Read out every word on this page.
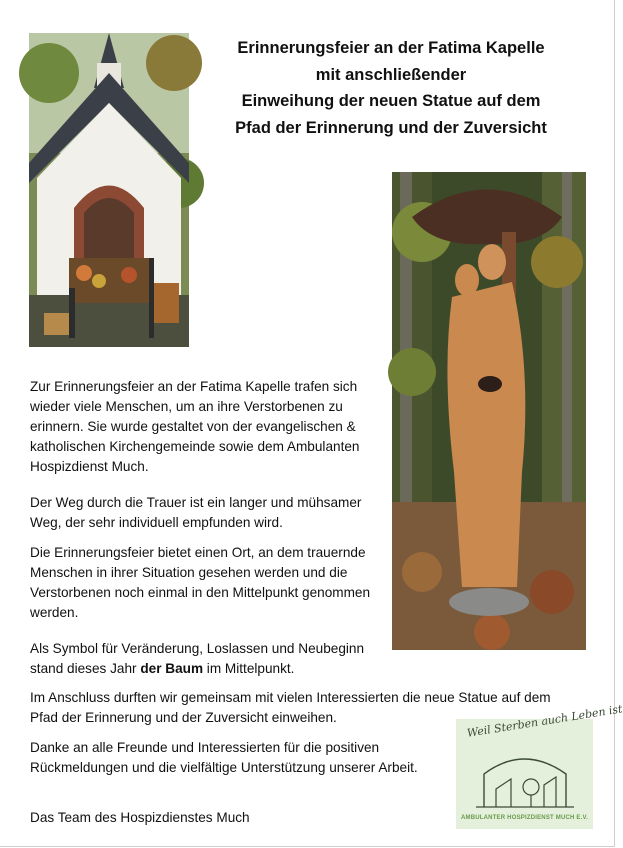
Erinnerungsfeier an der Fatima Kapelle
mit anschließender
Einweihung der neuen Statue auf dem
Pfad der Erinnerung und der Zuversicht

Zur Erinnerungsfeier an der Fatima Kapelle trafen sich wieder viele Menschen, um an ihre Verstorbenen zu erinnern. Sie wurde gestaltet von der evangelischen & katholischen Kirchengemeinde sowie dem Ambulanten Hospizdienst Much.

Der Weg durch die Trauer ist ein langer und mühsamer Weg, der sehr individuell empfunden wird.

Die Erinnerungsfeier bietet einen Ort, an dem trauernde Menschen in ihrer Situation gesehen werden und die Verstorbenen noch einmal in den Mittelpunkt genommen werden.

Als Symbol für Veränderung, Loslassen und Neubeginn stand dieses Jahr der Baum im Mittelpunkt.

Im Anschluss durften wir gemeinsam mit vielen Interessierten die neue Statue auf dem Pfad der Erinnerung und der Zuversicht einweihen.

Danke an alle Freunde und Interessierten für die positiven Rückmeldungen und die vielfältige Unterstützung unserer Arbeit.

Das Team des Hospizdienstes Much

Weil Sterben auch Leben ist
AMBULANTER HOSPIZDIENST MUCH E.V.
